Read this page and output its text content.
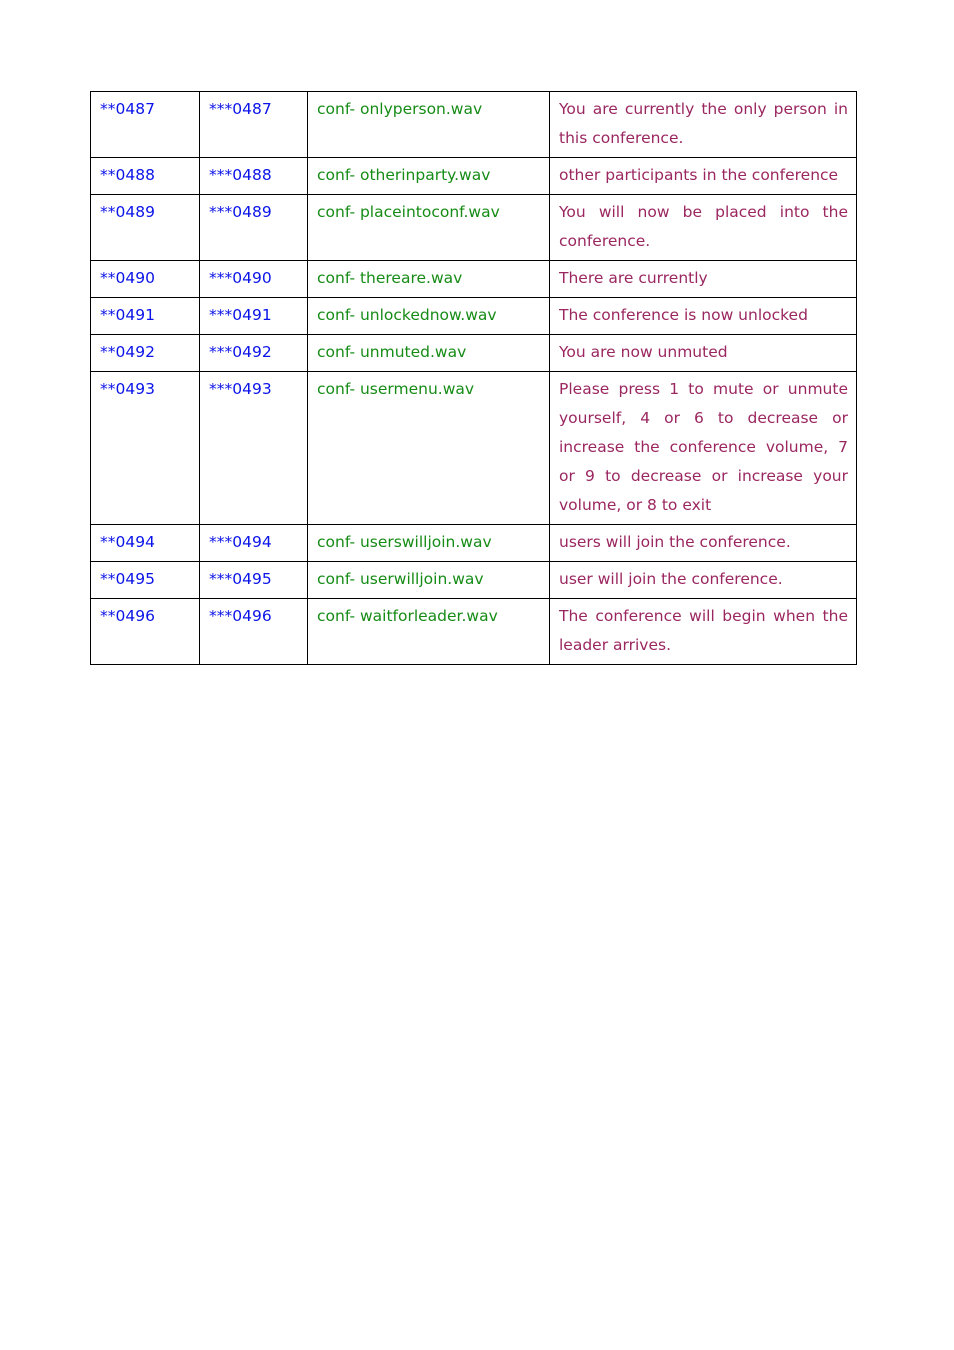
**0487	***0487	conf- onlyperson.wav	You are currently the only person in this conference.
**0488	***0488	conf- otherinparty.wav	other participants in the conference
**0489	***0489	conf- placeintoconf.wav	You will now be placed into the conference.
**0490	***0490	conf- thereare.wav	There are currently
**0491	***0491	conf- unlockednow.wav	The conference is now unlocked
**0492	***0492	conf- unmuted.wav	You are now unmuted
**0493	***0493	conf- usermenu.wav	Please press 1 to mute or unmute yourself, 4 or 6 to decrease or increase the conference volume, 7 or 9 to decrease or increase your volume, or 8 to exit
**0494	***0494	conf- userswilljoin.wav	users will join the conference.
**0495	***0495	conf- userwilljoin.wav	user will join the conference.
**0496	***0496	conf- waitforleader.wav	The conference will begin when the leader arrives.
